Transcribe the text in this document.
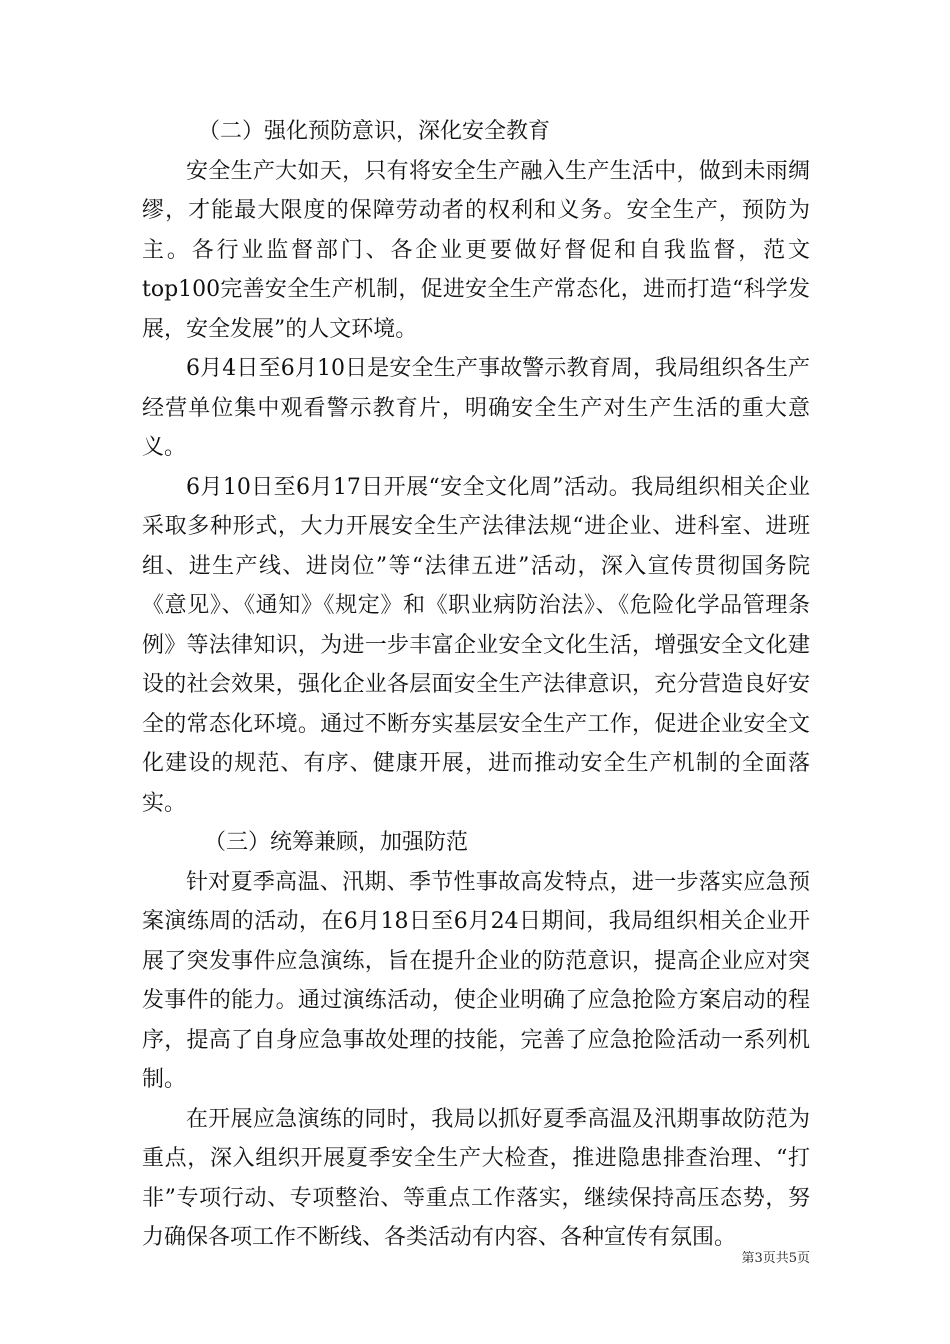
（二）强化预防意识，深化安全教育

安全生产大如天，只有将安全生产融入生产生活中，做到未雨绸缪，才能最大限度的保障劳动者的权利和义务。安全生产，预防为主。各行业监督部门、各企业更要做好督促和自我监督，范文top100完善安全生产机制，促进安全生产常态化，进而打造“科学发展，安全发展”的人文环境。

6月4日至6月10日是安全生产事故警示教育周，我局组织各生产经营单位集中观看警示教育片，明确安全生产对生产生活的重大意义。

6月10日至6月17日开展“安全文化周”活动。我局组织相关企业采取多种形式，大力开展安全生产法律法规“进企业、进科室、进班组、进生产线、进岗位”等“法律五进”活动，深入宣传贯彻国务院《意见》、《通知》《规定》和《职业病防治法》、《危险化学品管理条例》等法律知识，为进一步丰富企业安全文化生活，增强安全文化建设的社会效果，强化企业各层面安全生产法律意识，充分营造良好安全的常态化环境。通过不断夯实基层安全生产工作，促进企业安全文化建设的规范、有序、健康开展，进而推动安全生产机制的全面落实。

（三）统筹兼顾，加强防范

针对夏季高温、汛期、季节性事故高发特点，进一步落实应急预案演练周的活动，在6月18日至6月24日期间，我局组织相关企业开展了突发事件应急演练，旨在提升企业的防范意识，提高企业应对突发事件的能力。通过演练活动，使企业明确了应急抢险方案启动的程序，提高了自身应急事故处理的技能，完善了应急抢险活动一系列机制。

在开展应急演练的同时，我局以抓好夏季高温及汛期事故防范为重点，深入组织开展夏季安全生产大检查，推进隐患排查治理、“打非”专项行动、专项整治、等重点工作落实，继续保持高压态势，努力确保各项工作不断线、各类活动有内容、各种宣传有氛围。

第3页共5页
